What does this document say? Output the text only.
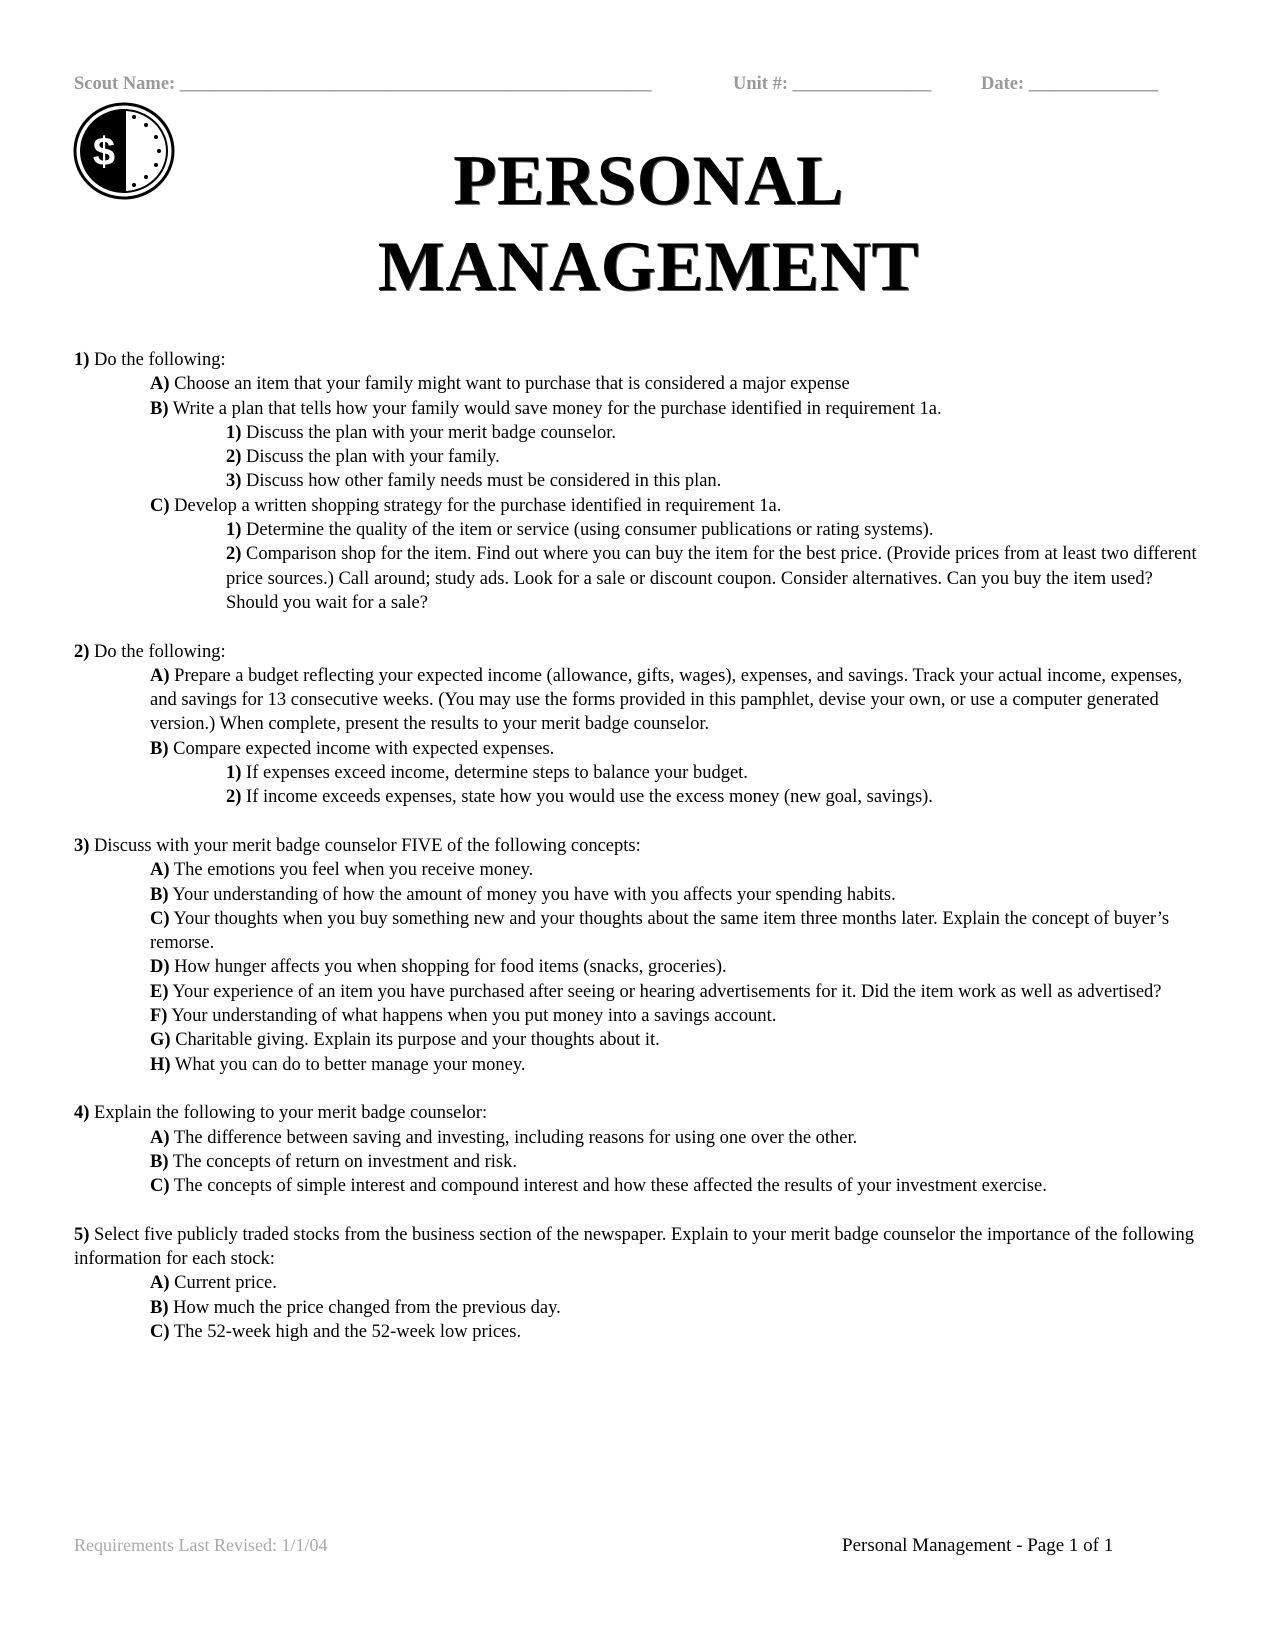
Scout Name: ___________________________________________________	Unit #: _______________	Date: ______________
$	PERSONAL
MANAGEMENT
1) Do the following:
A) Choose an item that your family might want to purchase that is considered a major expense
B) Write a plan that tells how your family would save money for the purchase identified in requirement 1a.
1) Discuss the plan with your merit badge counselor.
2) Discuss the plan with your family.
3) Discuss how other family needs must be considered in this plan.
C) Develop a written shopping strategy for the purchase identified in requirement 1a.
1) Determine the quality of the item or service (using consumer publications or rating systems).
2) Comparison shop for the item. Find out where you can buy the item for the best price. (Provide prices from at least two different price sources.) Call around; study ads. Look for a sale or discount coupon. Consider alternatives. Can you buy the item used? Should you wait for a sale?
2) Do the following:
A) Prepare a budget reflecting your expected income (allowance, gifts, wages), expenses, and savings. Track your actual income, expenses, and savings for 13 consecutive weeks. (You may use the forms provided in this pamphlet, devise your own, or use a computer generated version.) When complete, present the results to your merit badge counselor.
B) Compare expected income with expected expenses.
1) If expenses exceed income, determine steps to balance your budget.
2) If income exceeds expenses, state how you would use the excess money (new goal, savings).
3) Discuss with your merit badge counselor FIVE of the following concepts:
A) The emotions you feel when you receive money.
B) Your understanding of how the amount of money you have with you affects your spending habits.
C) Your thoughts when you buy something new and your thoughts about the same item three months later. Explain the concept of buyer’s remorse.
D) How hunger affects you when shopping for food items (snacks, groceries).
E) Your experience of an item you have purchased after seeing or hearing advertisements for it. Did the item work as well as advertised?
F) Your understanding of what happens when you put money into a savings account.
G) Charitable giving. Explain its purpose and your thoughts about it.
H) What you can do to better manage your money.
4) Explain the following to your merit badge counselor:
A) The difference between saving and investing, including reasons for using one over the other.
B) The concepts of return on investment and risk.
C) The concepts of simple interest and compound interest and how these affected the results of your investment exercise.
5) Select five publicly traded stocks from the business section of the newspaper. Explain to your merit badge counselor the importance of the following information for each stock:
A) Current price.
B) How much the price changed from the previous day.
C) The 52-week high and the 52-week low prices.
Requirements Last Revised: 1/1/04	Personal Management - Page 1 of 1
